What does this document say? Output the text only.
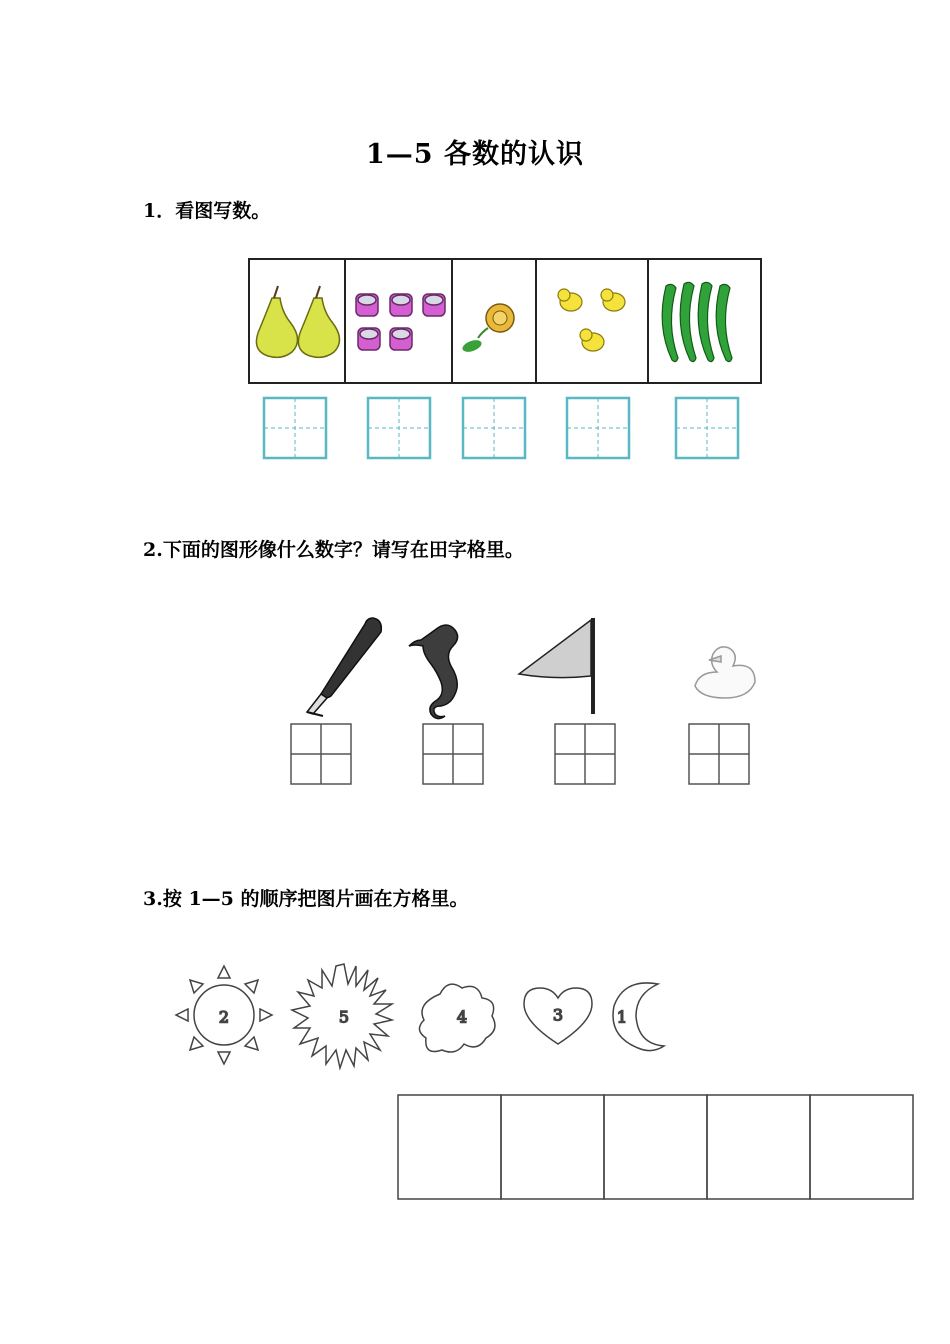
1—5 各数的认识
1．看图写数。
2.下面的图形像什么数字？请写在田字格里。
3.按 1—5 的顺序把图片画在方格里。
2	5	4	3	1
